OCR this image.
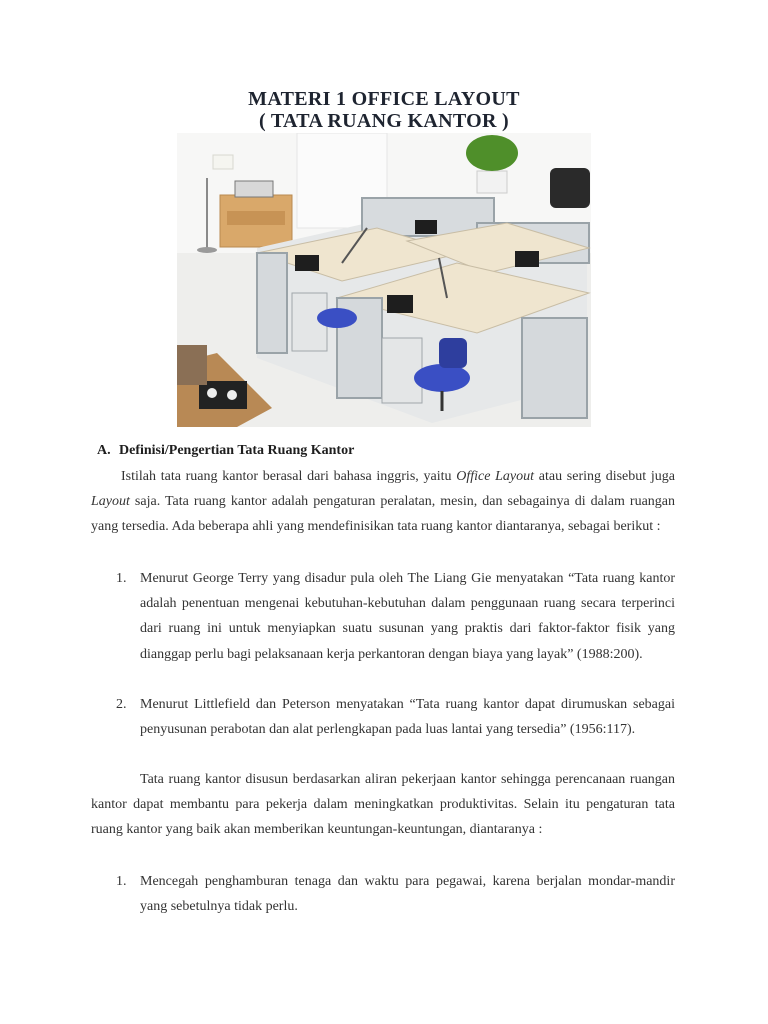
MATERI 1 OFFICE LAYOUT
( TATA RUANG KANTOR )
A. Definisi/Pengertian Tata Ruang Kantor
Istilah tata ruang kantor berasal dari bahasa inggris, yaitu Office Layout atau sering disebut juga Layout saja. Tata ruang kantor adalah pengaturan peralatan, mesin, dan sebagainya di dalam ruangan yang tersedia. Ada beberapa ahli yang mendefinisikan tata ruang kantor diantaranya, sebagai berikut :
1. Menurut George Terry yang disadur pula oleh The Liang Gie menyatakan “Tata ruang kantor adalah penentuan mengenai kebutuhan-kebutuhan dalam penggunaan ruang secara terperinci dari ruang ini untuk menyiapkan suatu susunan yang praktis dari faktor-faktor fisik yang dianggap perlu bagi pelaksanaan kerja perkantoran dengan biaya yang layak” (1988:200).
2. Menurut Littlefield dan Peterson menyatakan “Tata ruang kantor dapat dirumuskan sebagai penyusunan perabotan dan alat perlengkapan pada luas lantai yang tersedia” (1956:117).
Tata ruang kantor disusun berdasarkan aliran pekerjaan kantor sehingga perencanaan ruangan kantor dapat membantu para pekerja dalam meningkatkan produktivitas. Selain itu pengaturan tata ruang kantor yang baik akan memberikan keuntungan-keuntungan, diantaranya :
1. Mencegah penghamburan tenaga dan waktu para pegawai, karena berjalan mondar-mandir yang sebetulnya tidak perlu.
